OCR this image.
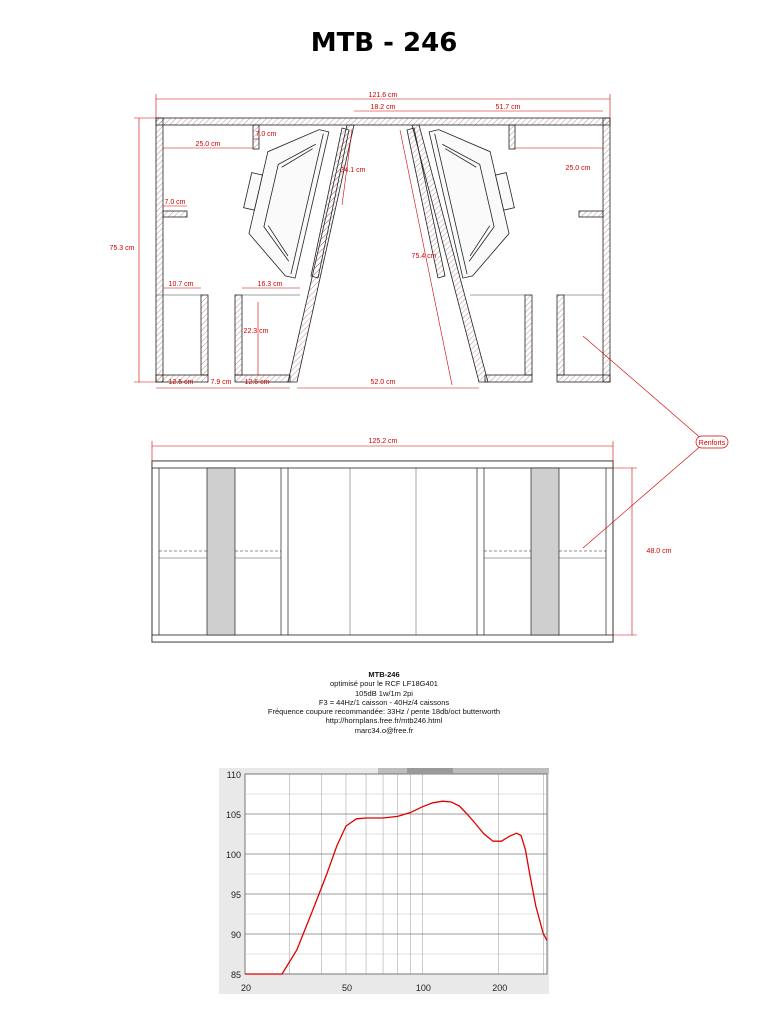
MTB - 246
Renforts
121.6 cm
18.2 cm	51.7 cm
75.3 cm
25.0 cm
7.0 cm
25.0 cm
7.0 cm
34.1 cm
75.4 cm
10.7 cm	16.3 cm
22.3 cm
12.5 cm 7.9 cm 12.6 cm	52.0 cm
125.2 cm
48.0 cm
MTB-246
optimisé pour le RCF LF18G401
105dB 1w/1m 2pi
F3 = 44Hz/1 caisson - 40Hz/4 caissons
Fréquence coupure recommandée: 33Hz / pente 18db/oct butterworth
http://hornplans.free.fr/mtb246.html
marc34.o@free.fr
85
90
95
100
105
110
20	50	100	200
